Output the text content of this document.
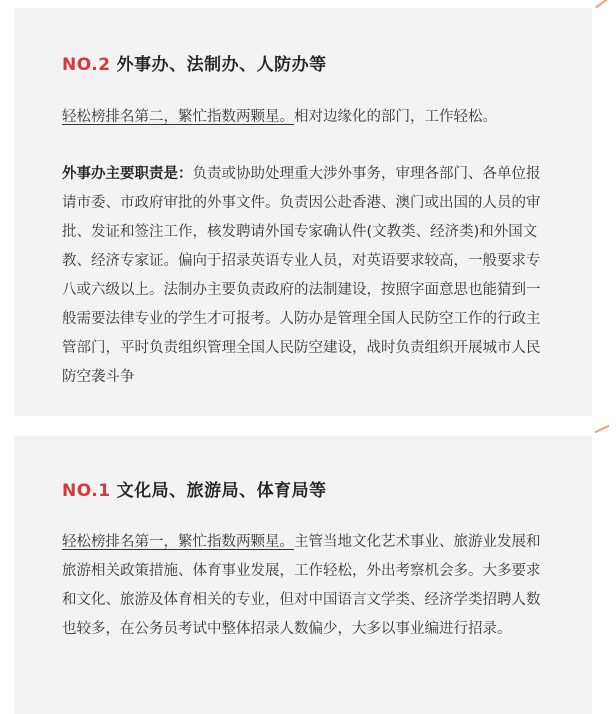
NO.2 外事办、法制办、人防办等

轻松榜排名第二，繁忙指数两颗星。相对边缘化的部门，工作轻松。

外事办主要职责是：负责或协助处理重大涉外事务，审理各部门、各单位报请市委、市政府审批的外事文件。负责因公赴香港、澳门或出国的人员的审批、发证和签注工作，核发聘请外国专家确认件(文教类、经济类)和外国文教、经济专家证。偏向于招录英语专业人员，对英语要求较高，一般要求专八或六级以上。法制办主要负责政府的法制建设，按照字面意思也能猜到一般需要法律专业的学生才可报考。人防办是管理全国人民防空工作的行政主管部门，平时负责组织管理全国人民防空建设，战时负责组织开展城市人民防空袭斗争

NO.1 文化局、旅游局、体育局等

轻松榜排名第一，繁忙指数两颗星。主管当地文化艺术事业、旅游业发展和旅游相关政策措施、体育事业发展，工作轻松，外出考察机会多。大多要求和文化、旅游及体育相关的专业，但对中国语言文学类、经济学类招聘人数也较多，在公务员考试中整体招录人数偏少，大多以事业编进行招录。
